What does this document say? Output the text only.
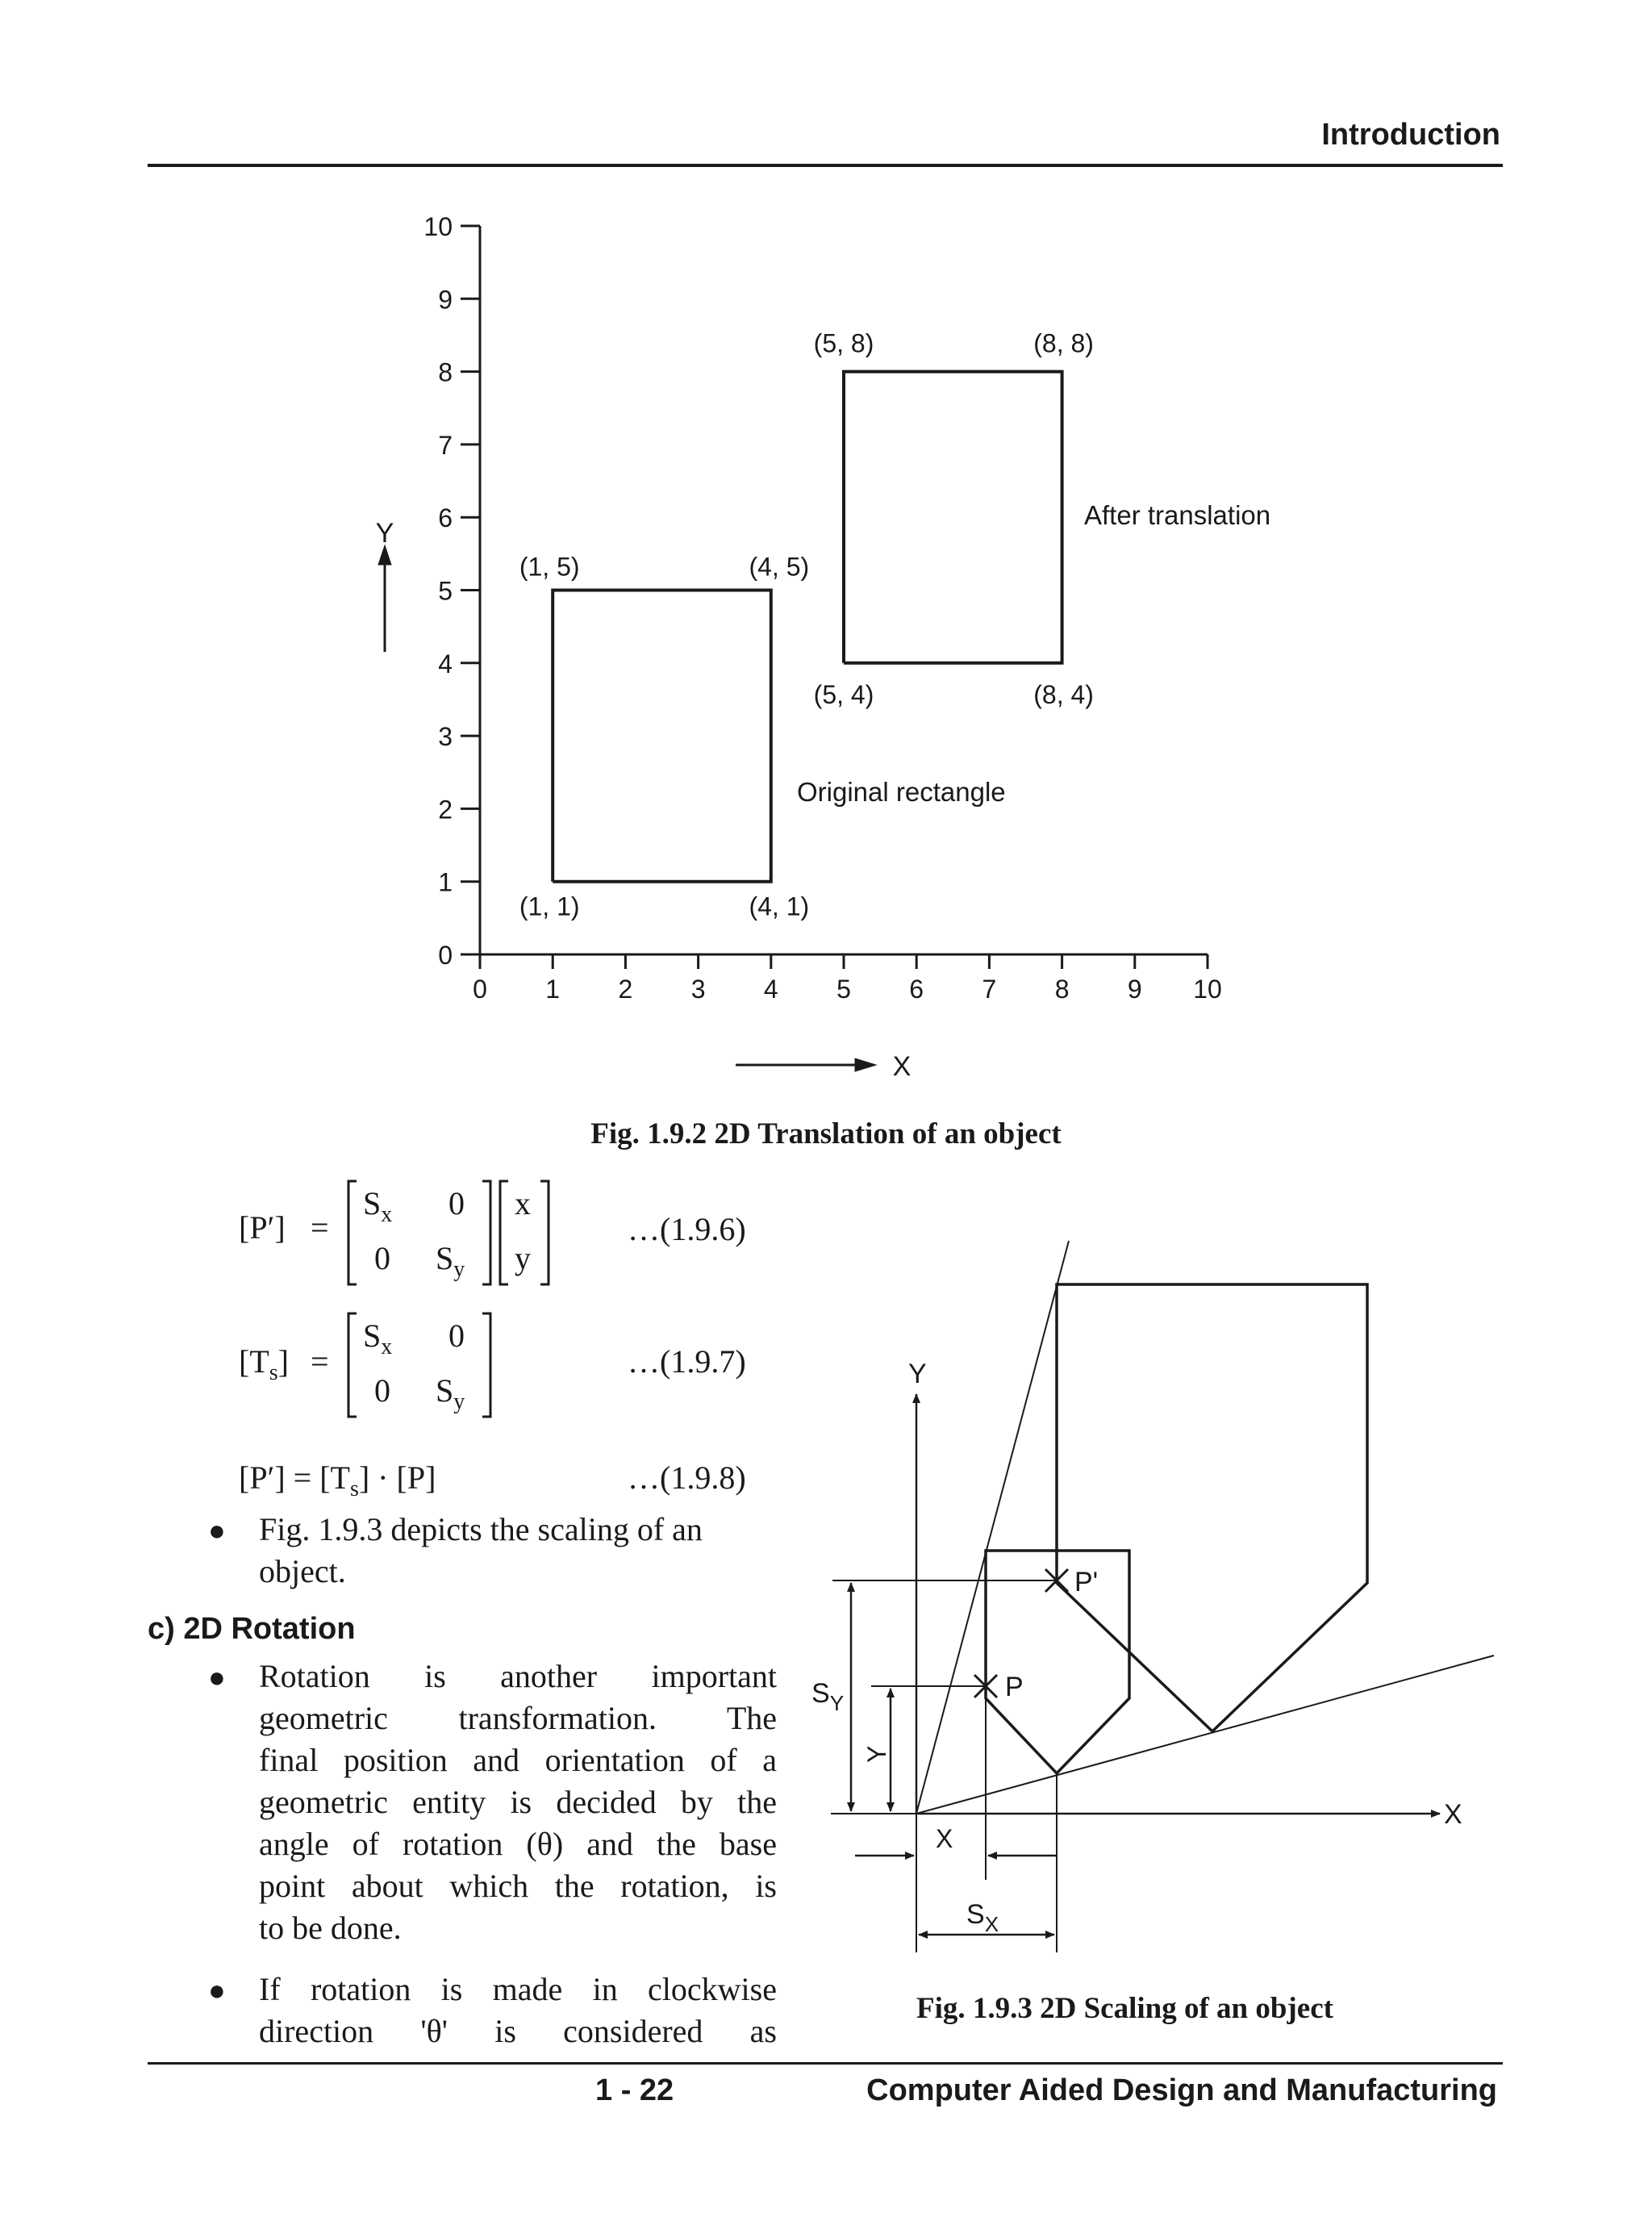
Introduction
0
0
1
1
2
2
3
3
4
4
5
5
6
6
7
7
8
8
9
9
10
10
Y
X
(1, 5)	(4, 5)
(1, 1)	(4, 1)
(5, 8)	(8, 8)
(5, 4)	(8, 4)
Original rectangle
After translation
Fig. 1.9.2 2D Translation of an object
[P′] =
$S_x$ 0
0 $S_y$
x
y
…(1.9.6)
$[T_s]$ =
$S_x$ 0
0 $S_y$
…(1.9.7)
$[P'] = [T_s] \cdot [P]$	…(1.9.8)
● Fig. 1.9.3 depicts the scaling of an object.
c) 2D Rotation
● Rotation is another important
geometric transformation. The
final position and orientation of a
geometric entity is decided by the
angle of rotation (θ) and the base
point about which the rotation, is
to be done.
● If rotation is made in clockwise
direction 'θ' is considered as
Y
X
P'
P
$S_Y$
Y
X
$S_X$
Fig. 1.9.3 2D Scaling of an object
1 - 22	Computer Aided Design and Manufacturing
